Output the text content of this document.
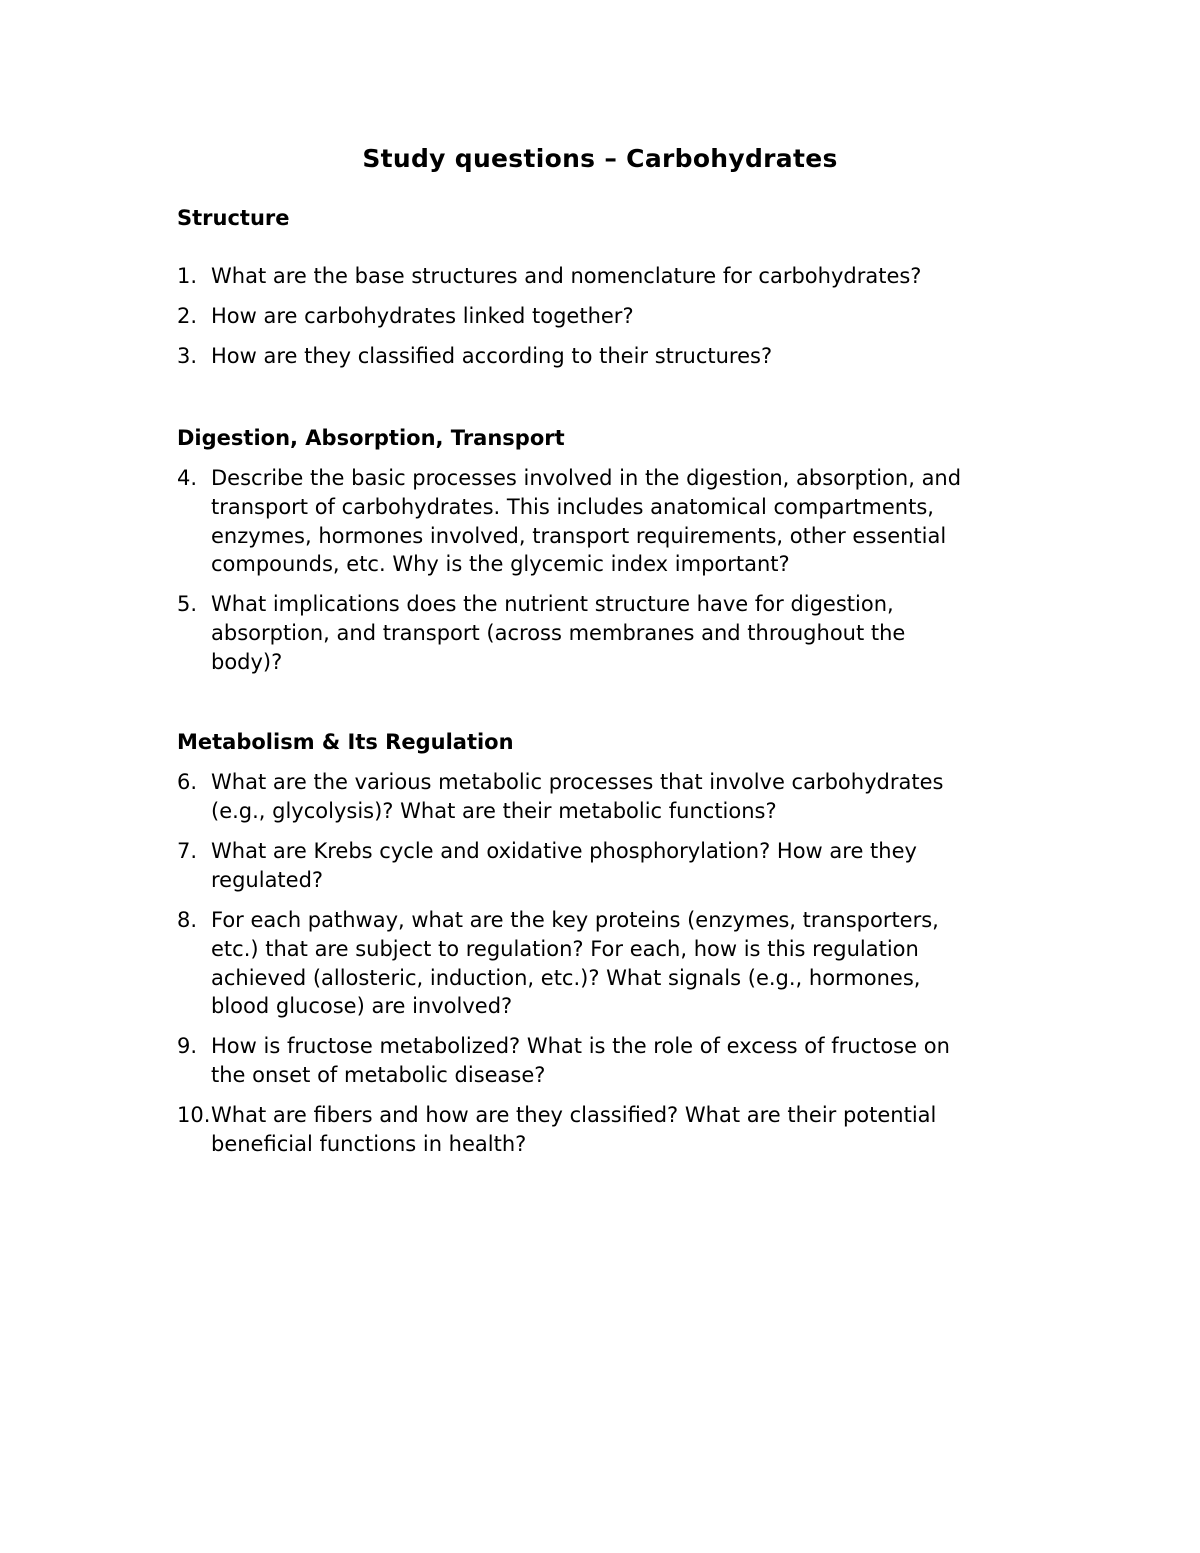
Study questions – Carbohydrates
Structure
1. What are the base structures and nomenclature for carbohydrates?
2. How are carbohydrates linked together?
3. How are they classified according to their structures?
Digestion, Absorption, Transport
4. Describe the basic processes involved in the digestion, absorption, and
transport of carbohydrates. This includes anatomical compartments,
enzymes, hormones involved, transport requirements, other essential
compounds, etc. Why is the glycemic index important?
5. What implications does the nutrient structure have for digestion,
absorption, and transport (across membranes and throughout the
body)?
Metabolism & Its Regulation
6. What are the various metabolic processes that involve carbohydrates
(e.g., glycolysis)? What are their metabolic functions?
7. What are Krebs cycle and oxidative phosphorylation? How are they
regulated?
8. For each pathway, what are the key proteins (enzymes, transporters,
etc.) that are subject to regulation? For each, how is this regulation
achieved (allosteric, induction, etc.)? What signals (e.g., hormones,
blood glucose) are involved?
9. How is fructose metabolized? What is the role of excess of fructose on
the onset of metabolic disease?
10. What are fibers and how are they classified? What are their potential
beneficial functions in health?
